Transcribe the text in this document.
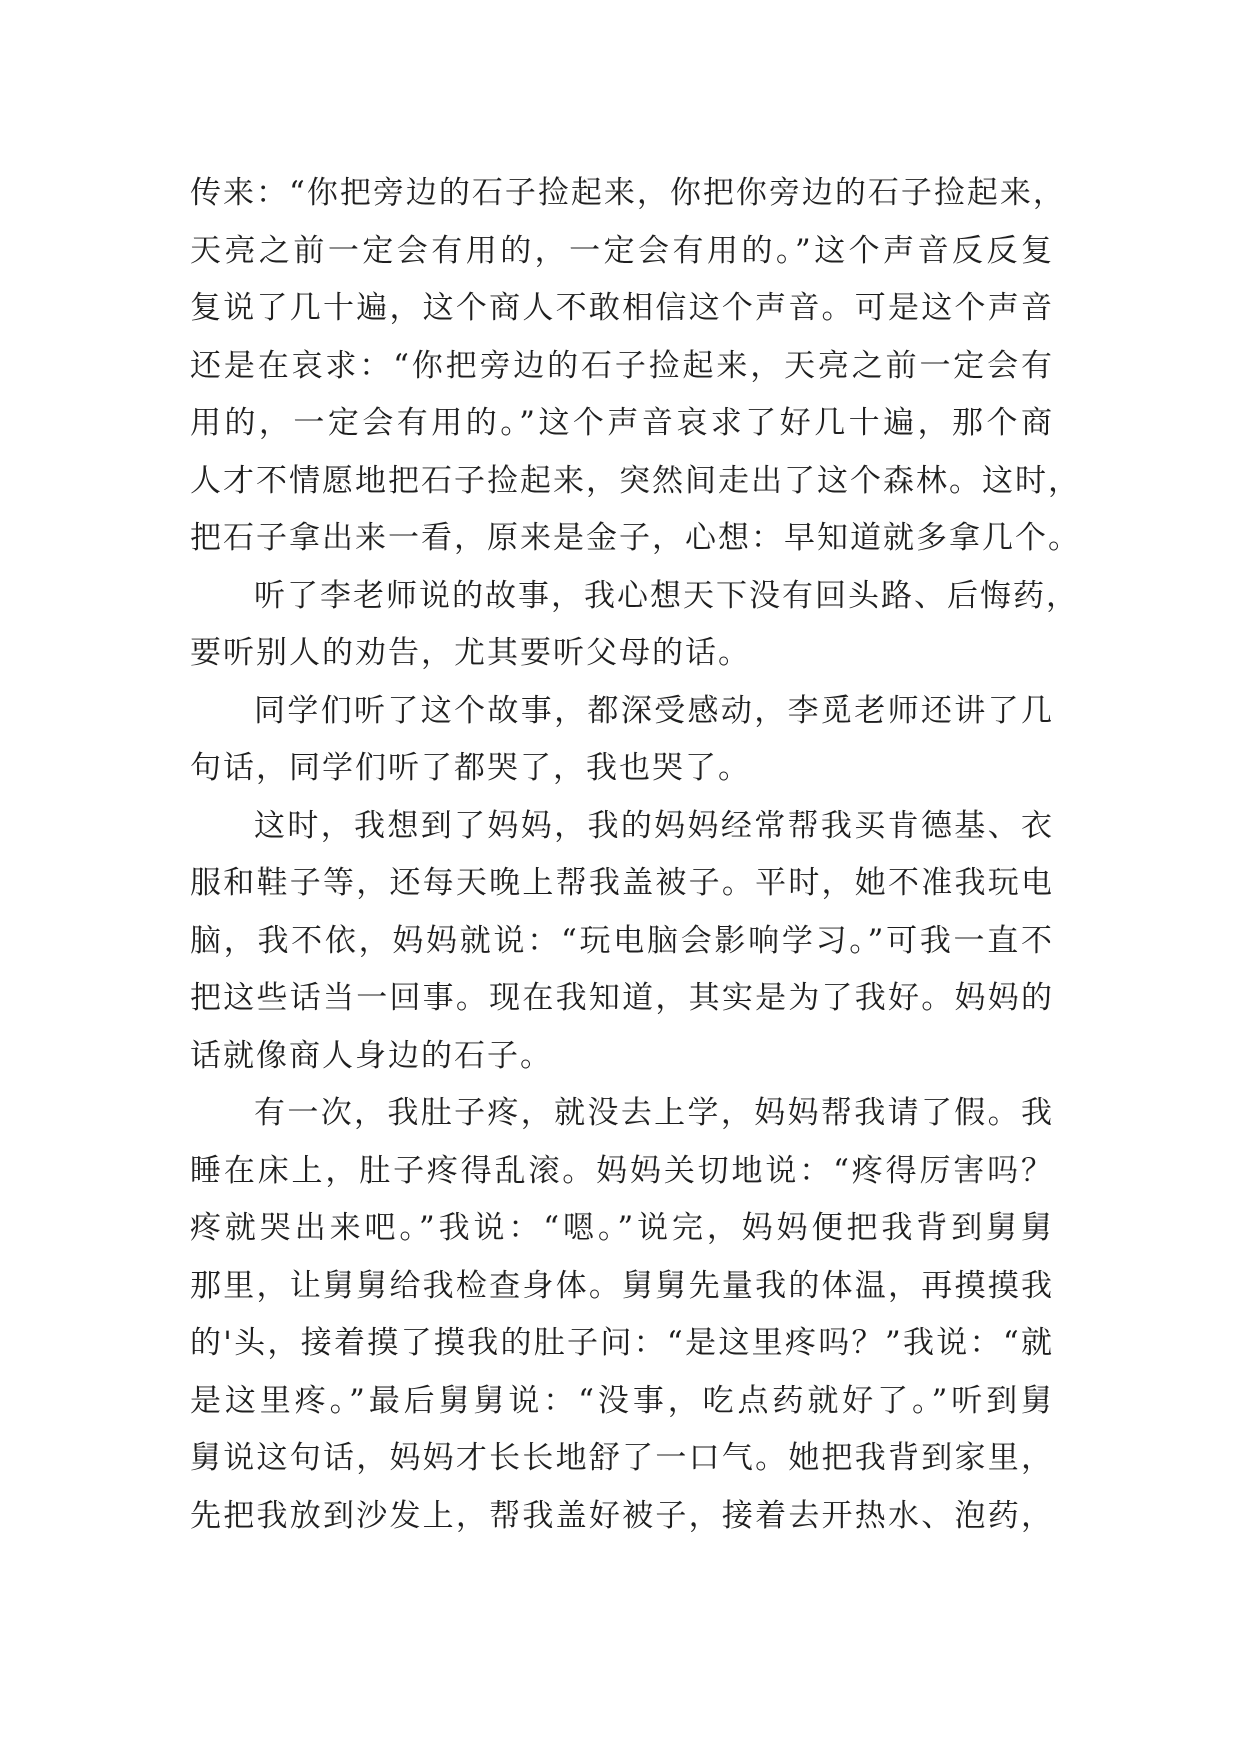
传来：“你把旁边的石子捡起来，你把你旁边的石子捡起来，
天亮之前一定会有用的，一定会有用的。”这个声音反反复
复说了几十遍，这个商人不敢相信这个声音。可是这个声音
还是在哀求：“你把旁边的石子捡起来，天亮之前一定会有
用的，一定会有用的。”这个声音哀求了好几十遍，那个商
人才不情愿地把石子捡起来，突然间走出了这个森林。这时，
把石子拿出来一看，原来是金子，心想：早知道就多拿几个。
听了李老师说的故事，我心想天下没有回头路、后悔药，
要听别人的劝告，尤其要听父母的话。
同学们听了这个故事，都深受感动，李觅老师还讲了几
句话，同学们听了都哭了，我也哭了。
这时，我想到了妈妈，我的妈妈经常帮我买肯德基、衣
服和鞋子等，还每天晚上帮我盖被子。平时，她不准我玩电
脑，我不依，妈妈就说：“玩电脑会影响学习。”可我一直不
把这些话当一回事。现在我知道，其实是为了我好。妈妈的
话就像商人身边的石子。
有一次，我肚子疼，就没去上学，妈妈帮我请了假。我
睡在床上，肚子疼得乱滚。妈妈关切地说：“疼得厉害吗？
疼就哭出来吧。”我说：“嗯。”说完，妈妈便把我背到舅舅
那里，让舅舅给我检查身体。舅舅先量我的体温，再摸摸我
的'头，接着摸了摸我的肚子问：“是这里疼吗？”我说：“就
是这里疼。”最后舅舅说：“没事，吃点药就好了。”听到舅
舅说这句话，妈妈才长长地舒了一口气。她把我背到家里，
先把我放到沙发上，帮我盖好被子，接着去开热水、泡药，
